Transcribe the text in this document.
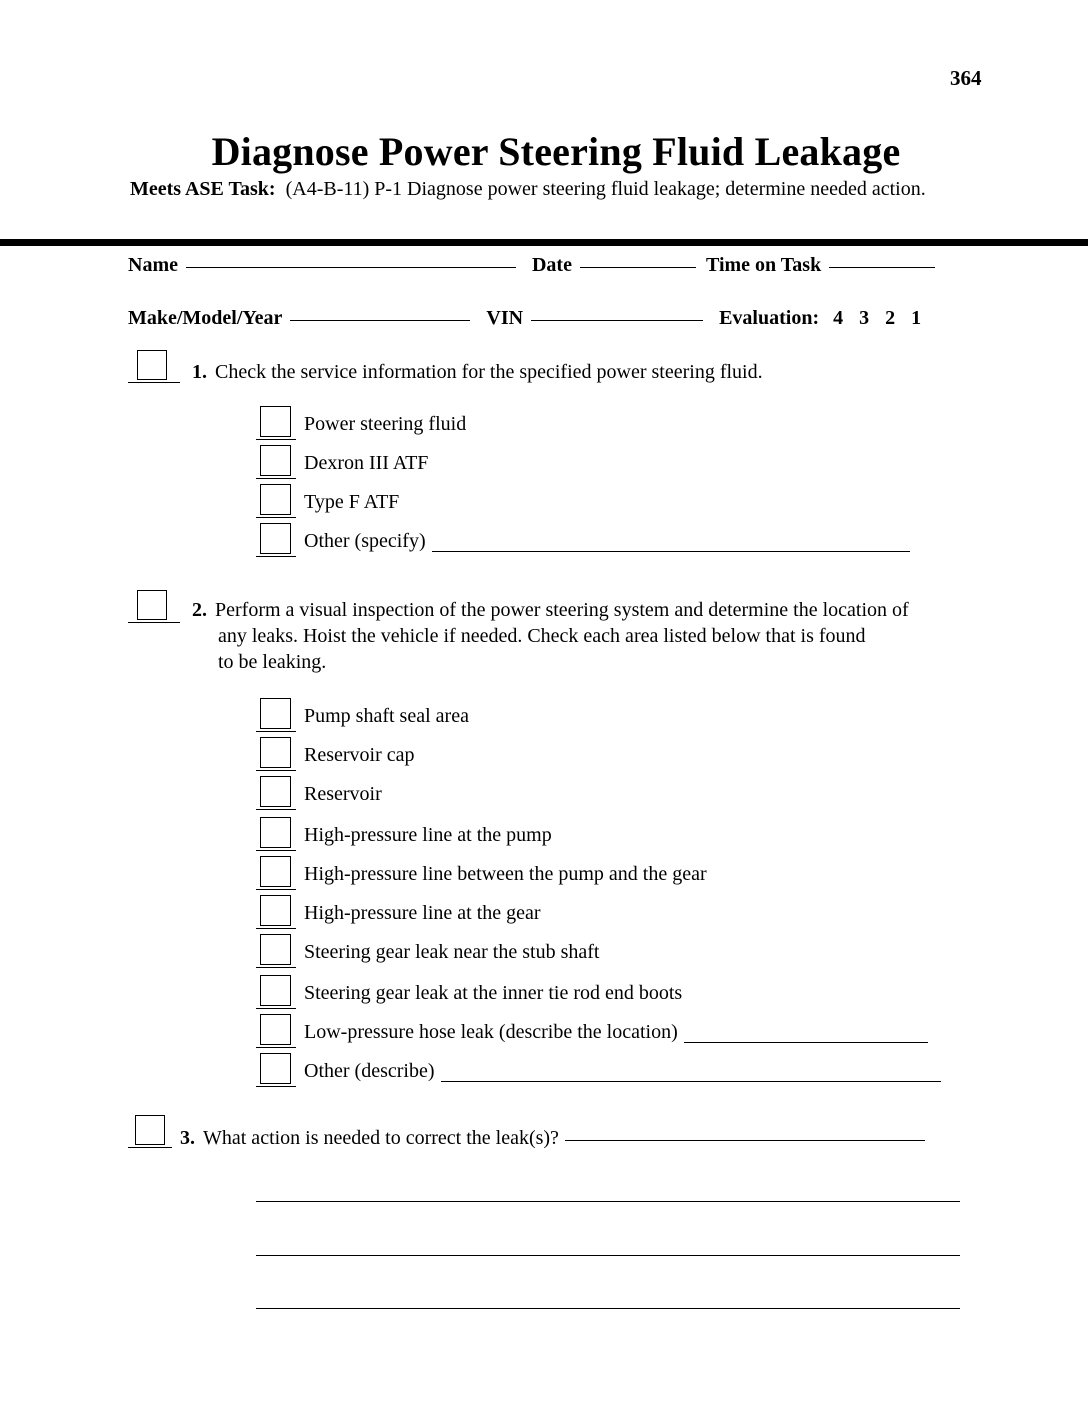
364
Diagnose Power Steering Fluid Leakage
Meets ASE Task: (A4-B-11) P-1 Diagnose power steering fluid leakage; determine needed action.
Name	Date	Time on Task
Make/Model/Year	VIN	Evaluation: 4 3 2 1
1. Check the service information for the specified power steering fluid.
Power steering fluid
Dexron III ATF
Type F ATF
Other (specify)
2. Perform a visual inspection of the power steering system and determine the location of
any leaks. Hoist the vehicle if needed. Check each area listed below that is found
to be leaking.
Pump shaft seal area
Reservoir cap
Reservoir
High-pressure line at the pump
High-pressure line between the pump and the gear
High-pressure line at the gear
Steering gear leak near the stub shaft
Steering gear leak at the inner tie rod end boots
Low-pressure hose leak (describe the location)
Other (describe)
3. What action is needed to correct the leak(s)?
